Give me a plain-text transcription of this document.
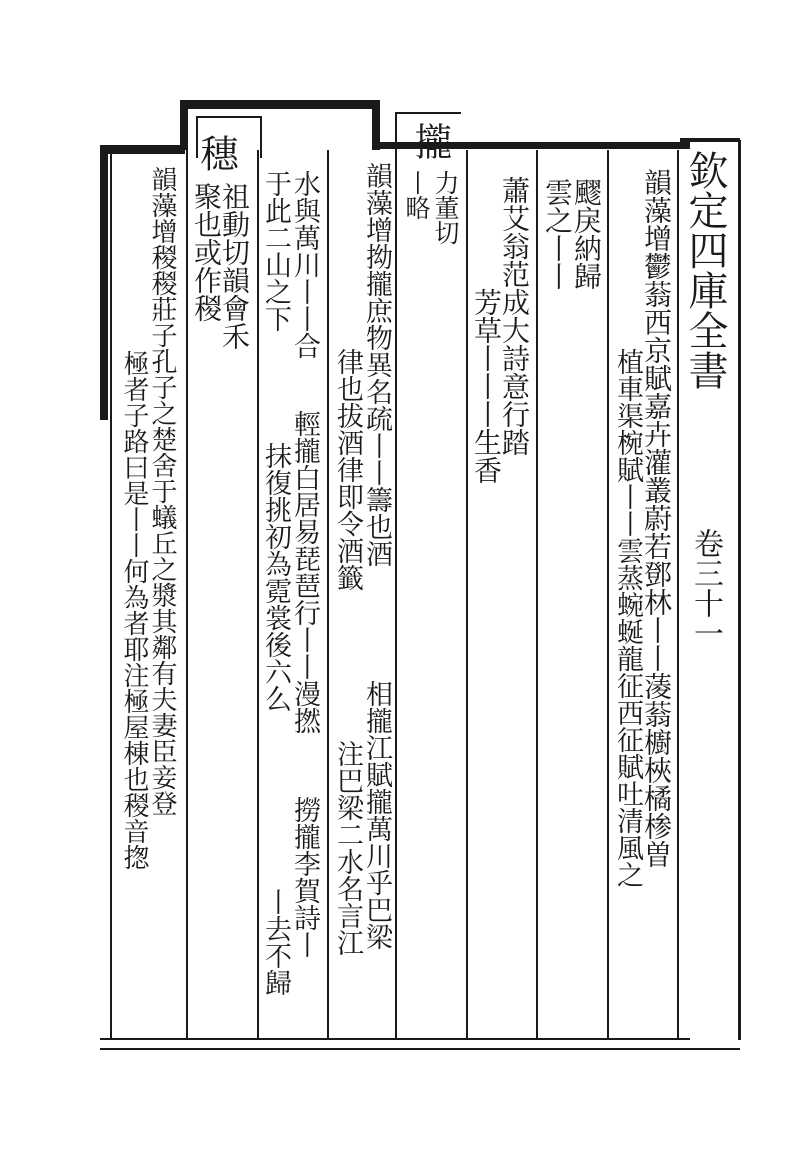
欽定四庫全書
卷三十一
韻藻增鬱蓊西京賦嘉卉灌叢蔚若鄧林丨丨蓤蓊櫥梜橘椮曽
植車渠椀賦丨丨雲蒸蜿蜒龍征西征賦吐清風之
飂戾納歸
雲之丨丨
蕭艾翁范成大詩意行踏
芳草丨丨丨生香
攏
力董切
丨略
韻藻增拗攏庶物異名疏丨丨籌也酒
律也拔酒律即令酒籤
相攏江賦攏萬川乎巴梁
注巴梁二水名言江
水與萬川丨丨合
于此二山之下
輕攏白居易琵琶行丨丨漫撚
抹復挑初為霓裳後六么
撈攏李賀詩丨
丨去不歸
穗
祖動切韻會禾
聚也或作稯
韻藻增稯稯莊子孔子之楚舍于蟻丘之漿其鄰有夫妻臣妾登
極者子路曰是丨丨何為者耶注極屋棟也稯音揔
